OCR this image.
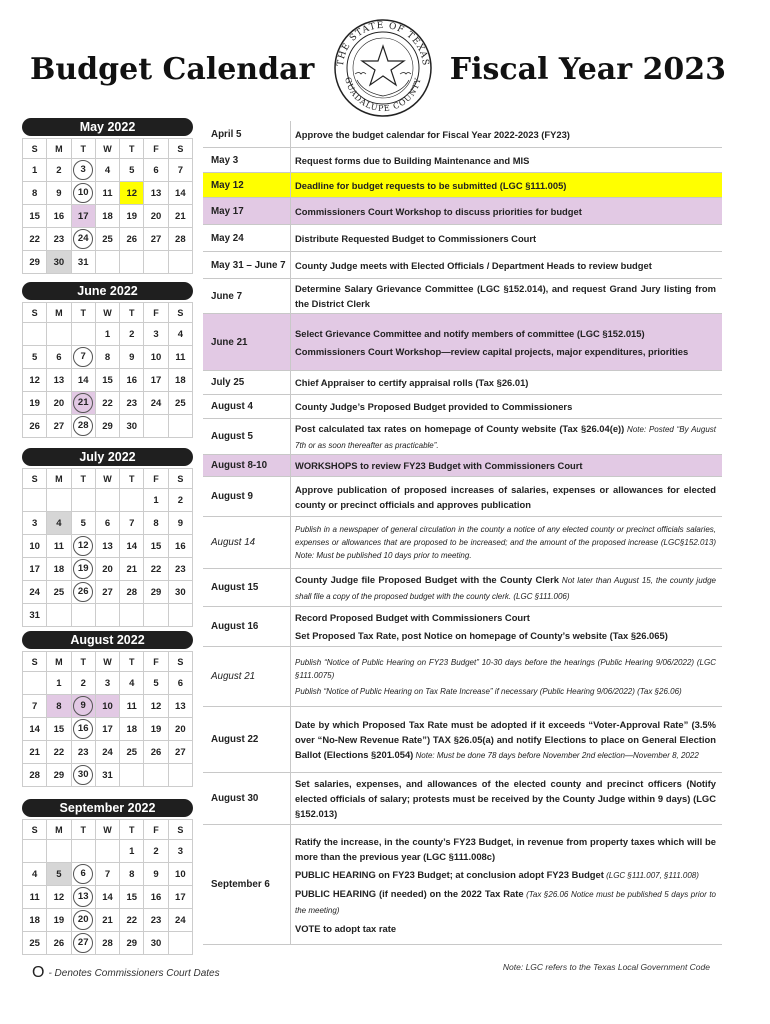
Budget Calendar	Fiscal Year 2023
THE STATE OF TEXAS
GUADALUPE COUNTY
May 2022
S	M	T	W	T	F	S
1	2	3	4	5	6	7
8	9	10	11	12	13	14
15	16	17	18	19	20	21
22	23	24	25	26	27	28
29	30	31				
June 2022
S	M	T	W	T	F	S
			1	2	3	4
5	6	7	8	9	10	11
12	13	14	15	16	17	18
19	20	21	22	23	24	25
26	27	28	29	30		
July 2022
S	M	T	W	T	F	S
					1	2
3	4	5	6	7	8	9
10	11	12	13	14	15	16
17	18	19	20	21	22	23
24	25	26	27	28	29	30
31						
August 2022
S	M	T	W	T	F	S
	1	2	3	4	5	6
7	8	9	10	11	12	13
14	15	16	17	18	19	20
21	22	23	24	25	26	27
28	29	30	31			
September 2022
S	M	T	W	T	F	S
				1	2	3
4	5	6	7	8	9	10
11	12	13	14	15	16	17
18	19	20	21	22	23	24
25	26	27	28	29	30	
April 5	Approve the budget calendar for Fiscal Year 2022-2023 (FY23)
May 3	Request forms due to Building Maintenance and MIS
May 12	Deadline for budget requests to be submitted (LGC §111.005)
May 17	Commissioners Court Workshop to discuss priorities for budget
May 24	Distribute Requested Budget to Commissioners Court
May 31 – June 7 County Judge meets with Elected Officials / Department Heads to review budget
June 7
Determine Salary Grievance Committee (LGC §152.014), and request Grand Jury listing from the District Clerk
June 21
Select Grievance Committee and notify members of committee (LGC §152.015)
Commissioners Court Workshop—review capital projects, major expenditures, priorities
July 25	Chief Appraiser to certify appraisal rolls (Tax §26.01)
August 4	County Judge’s Proposed Budget provided to Commissioners
August 5
Post calculated tax rates on homepage of County website (Tax §26.04(e)) Note: Posted “By August 7th or as soon thereafter as practicable”.
August 8-10	WORKSHOPS to review FY23 Budget with Commissioners Court
August 9
Approve publication of proposed increases of salaries, expenses or allowances for elected county or precinct officials and approves publication
August 14
Publish in a newspaper of general circulation in the county a notice of any elected county or precinct officials salaries, expenses or allowances that are proposed to be increased; and the amount of the proposed increase (LGC§152.013) Note: Must be published 10 days prior to meeting.
August 15
County Judge file Proposed Budget with the County Clerk Not later than August 15, the county judge shall file a copy of the proposed budget with the county clerk. (LGC §111.006)
August 16
Record Proposed Budget with Commissioners Court
Set Proposed Tax Rate, post Notice on homepage of County’s website (Tax §26.065)
August 21
Publish “Notice of Public Hearing on FY23 Budget” 10-30 days before the hearings (Public Hearing 9/06/2022) (LGC §111.0075)
Publish “Notice of Public Hearing on Tax Rate Increase” if necessary (Public Hearing 9/06/2022) (Tax §26.06)
August 22
Date by which Proposed Tax Rate must be adopted if it exceeds “Voter-Approval Rate” (3.5% over “No-New Revenue Rate”) TAX §26.05(a) and notify Elections to place on General Election Ballot (Elections §201.054) Note: Must be done 78 days before November 2nd election—November 8, 2022
August 30
Set salaries, expenses, and allowances of the elected county and precinct officers (Notify elected officials of salary; protests must be received by the County Judge within 9 days) (LGC §152.013)
September 6
Ratify the increase, in the county’s FY23 Budget, in revenue from property taxes which will be more than the previous year (LGC §111.008c)
PUBLIC HEARING on FY23 Budget; at conclusion adopt FY23 Budget (LGC §111.007, §111.008)
PUBLIC HEARING (if needed) on the 2022 Tax Rate (Tax §26.06 Notice must be published 5 days prior to the meeting)
VOTE to adopt tax rate
O - Denotes Commissioners Court Dates
Note: LGC refers to the Texas Local Government Code
